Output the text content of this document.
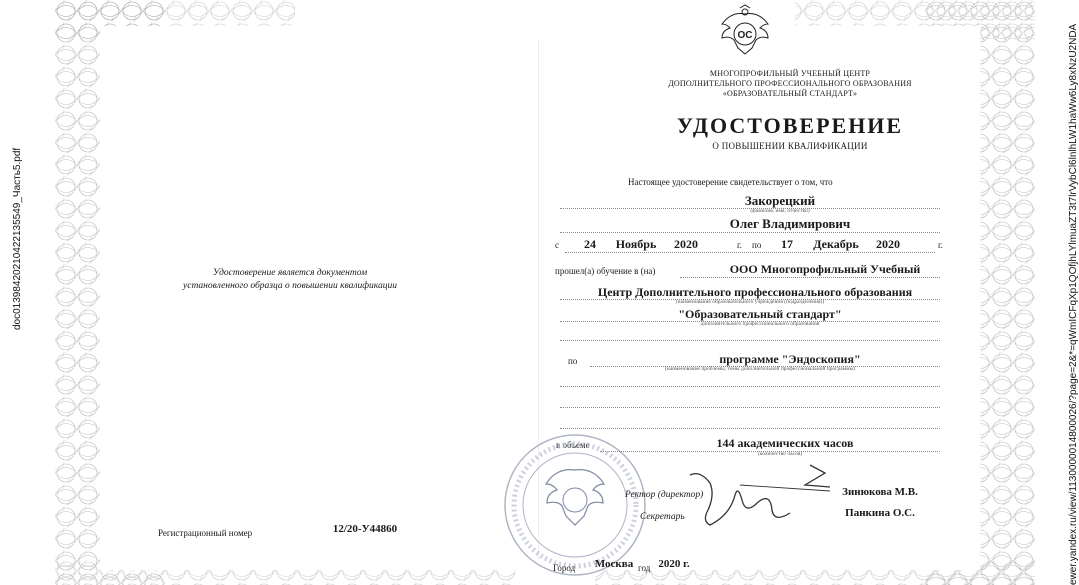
doc01398420210422135549_Часть5.pdf	ewer.yandex.ru/view/1130000014800026/?page=2&*=qWmICFqXp1QOfjhLYlmuaZT3t7lrVybCl6lnlhLW1haWw6Ly8xNzU2NDA
ОС
МНОГОПРОФИЛЬНЫЙ УЧЕБНЫЙ ЦЕНТР
ДОПОЛНИТЕЛЬНОГО ПРОФЕССИОНАЛЬНОГО ОБРАЗОВАНИЯ
«ОБРАЗОВАТЕЛЬНЫЙ СТАНДАРТ»
УДОСТОВЕРЕНИЕ
О ПОВЫШЕНИИ КВАЛИФИКАЦИИ
Настоящее удостоверение свидетельствует о том, что
Закорецкий
(фамилия, имя, отчество)
Олег Владимирович
с	24	Ноябрь	2020	г. по	17	Декабрь	2020	г.
прошел(а) обучение в (на)	ООО Многопрофильный Учебный
Центр Дополнительного профессионального образования
(наименование образовательного учреждения (подразделения))
"Образовательный стандарт"
дополнительного профессионального образования
по	программе "Эндоскопия"
(наименование проблемы, темы дополнительной профессиональной программы)
в объеме	144 академических часов
(количество часов)
Ректор (директор)	Зинюкова М.В.
Секретарь	Панкина О.С.
Удостоверение является документом
установленного образца о повышении квалификации
Регистрационный номер	12/20-У44860
Город	Москва год 2020 г.
